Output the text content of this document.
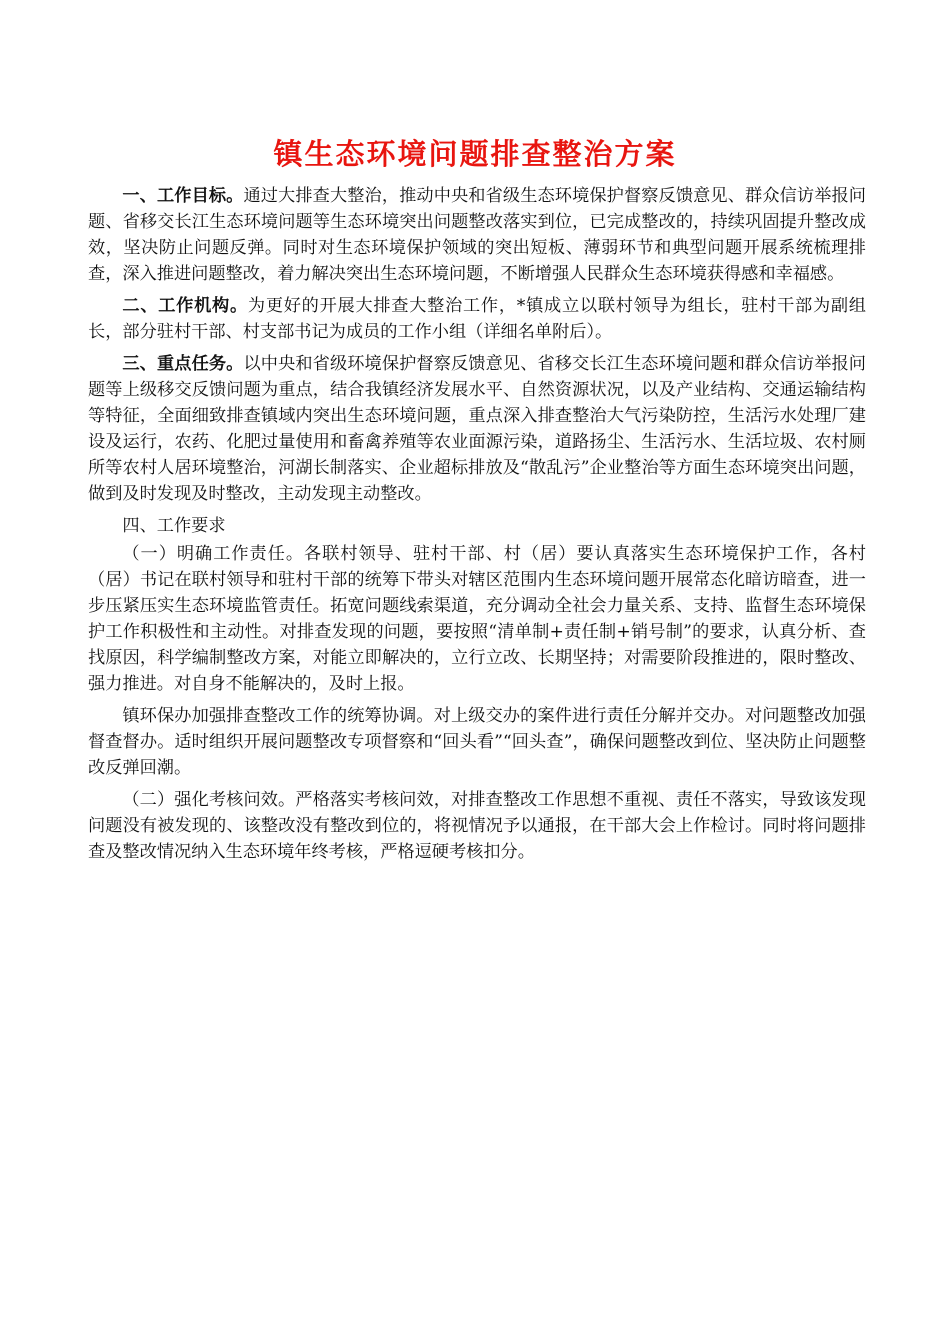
镇生态环境问题排查整治方案

一、工作目标。通过大排查大整治，推动中央和省级生态环境保护督察反馈意见、群众信访举报问题、省移交长江生态环境问题等生态环境突出问题整改落实到位，已完成整改的，持续巩固提升整改成效，坚决防止问题反弹。同时对生态环境保护领域的突出短板、薄弱环节和典型问题开展系统梳理排查，深入推进问题整改，着力解决突出生态环境问题，不断增强人民群众生态环境获得感和幸福感。

二、工作机构。为更好的开展大排查大整治工作，*镇成立以联村领导为组长，驻村干部为副组长，部分驻村干部、村支部书记为成员的工作小组（详细名单附后）。

三、重点任务。以中央和省级环境保护督察反馈意见、省移交长江生态环境问题和群众信访举报问题等上级移交反馈问题为重点，结合我镇经济发展水平、自然资源状况，以及产业结构、交通运输结构等特征，全面细致排查镇域内突出生态环境问题，重点深入排查整治大气污染防控，生活污水处理厂建设及运行，农药、化肥过量使用和畜禽养殖等农业面源污染，道路扬尘、生活污水、生活垃圾、农村厕所等农村人居环境整治，河湖长制落实、企业超标排放及“散乱污”企业整治等方面生态环境突出问题，做到及时发现及时整改，主动发现主动整改。

四、工作要求

（一）明确工作责任。各联村领导、驻村干部、村（居）要认真落实生态环境保护工作，各村（居）书记在联村领导和驻村干部的统筹下带头对辖区范围内生态环境问题开展常态化暗访暗查，进一步压紧压实生态环境监管责任。拓宽问题线索渠道，充分调动全社会力量关系、支持、监督生态环境保护工作积极性和主动性。对排查发现的问题，要按照“清单制+责任制+销号制”的要求，认真分析、查找原因，科学编制整改方案，对能立即解决的，立行立改、长期坚持；对需要阶段推进的，限时整改、强力推进。对自身不能解决的，及时上报。

镇环保办加强排查整改工作的统筹协调。对上级交办的案件进行责任分解并交办。对问题整改加强督查督办。适时组织开展问题整改专项督察和“回头看”“回头查”，确保问题整改到位、坚决防止问题整改反弹回潮。

（二）强化考核问效。严格落实考核问效，对排查整改工作思想不重视、责任不落实，导致该发现问题没有被发现的、该整改没有整改到位的，将视情况予以通报，在干部大会上作检讨。同时将问题排查及整改情况纳入生态环境年终考核，严格逗硬考核扣分。
